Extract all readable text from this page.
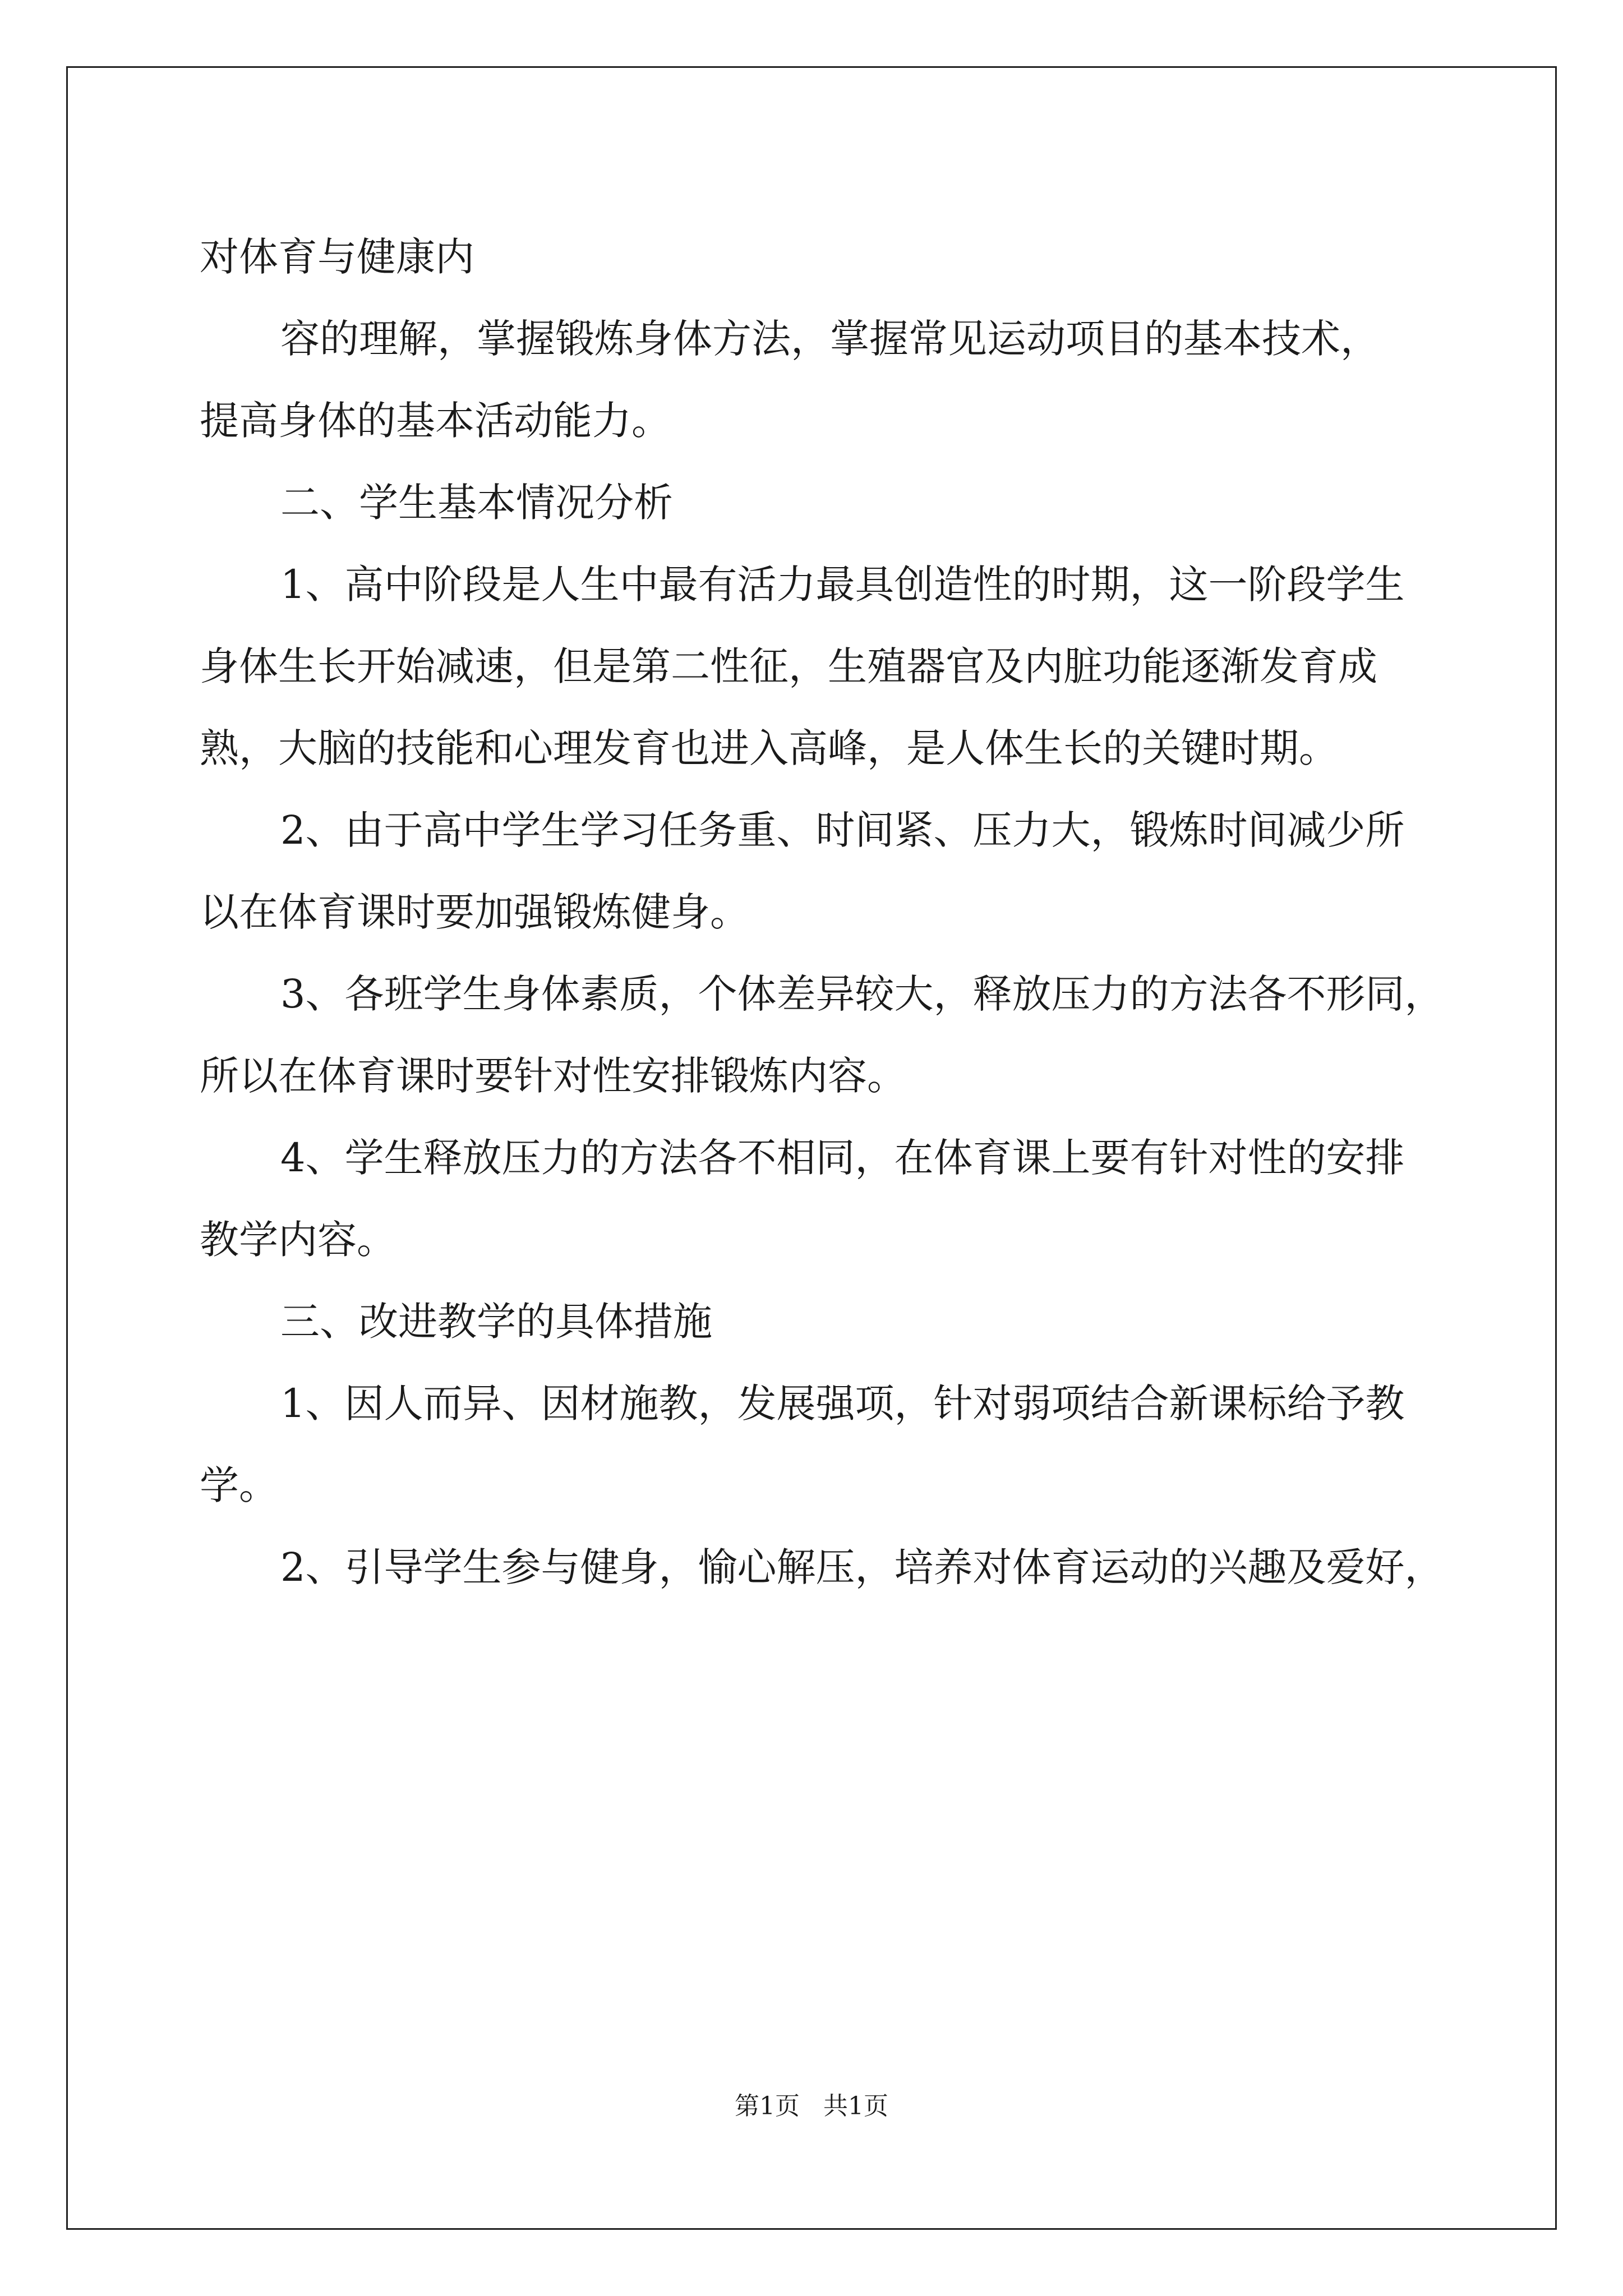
对体育与健康内
容的理解，掌握锻炼身体方法，掌握常见运动项目的基本技术，
提高身体的基本活动能力。
二、学生基本情况分析
1、高中阶段是人生中最有活力最具创造性的时期，这一阶段学生
身体生长开始减速，但是第二性征，生殖器官及内脏功能逐渐发育成
熟，大脑的技能和心理发育也进入高峰，是人体生长的关键时期。
2、由于高中学生学习任务重、时间紧、压力大，锻炼时间减少所
以在体育课时要加强锻炼健身。
3、各班学生身体素质，个体差异较大，释放压力的方法各不形同，
所以在体育课时要针对性安排锻炼内容。
4、学生释放压力的方法各不相同，在体育课上要有针对性的安排
教学内容。
三、改进教学的具体措施
1、因人而异、因材施教，发展强项，针对弱项结合新课标给予教
学。
2、引导学生参与健身，愉心解压，培养对体育运动的兴趣及爱好，
第1页   共1页
